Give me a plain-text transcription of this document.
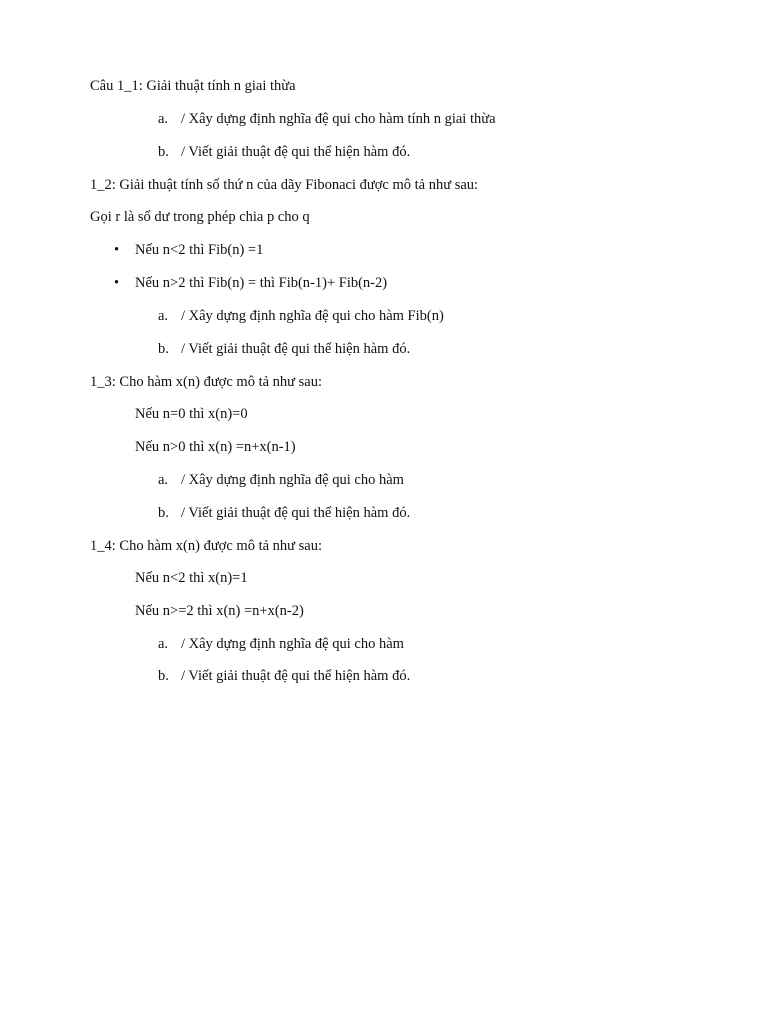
Câu 1_1: Giải thuật tính n giai thừa
a. / Xây dựng định nghĩa đệ qui cho hàm tính n giai thừa
b. / Viết giải thuật đệ qui thể hiện hàm đó.
1_2: Giải thuật tính số thứ n của dãy Fibonaci được mô tả như sau:
Gọi r là số dư trong phép chia p cho q
• Nếu n<2 thì Fib(n) =1
• Nếu n>2 thì Fib(n) = thì Fib(n-1)+ Fib(n-2)
a. / Xây dựng định nghĩa đệ qui cho hàm Fib(n)
b. / Viết giải thuật đệ qui thể hiện hàm đó.
1_3: Cho hàm x(n) được mô tả như sau:
Nếu n=0 thì x(n)=0
Nếu n>0 thì x(n) =n+x(n-1)
a. / Xây dựng định nghĩa đệ qui cho hàm
b. / Viết giải thuật đệ qui thể hiện hàm đó.
1_4: Cho hàm x(n) được mô tả như sau:
Nếu n<2 thì x(n)=1
Nếu n>=2 thì x(n) =n+x(n-2)
a. / Xây dựng định nghĩa đệ qui cho hàm
b. / Viết giải thuật đệ qui thể hiện hàm đó.
